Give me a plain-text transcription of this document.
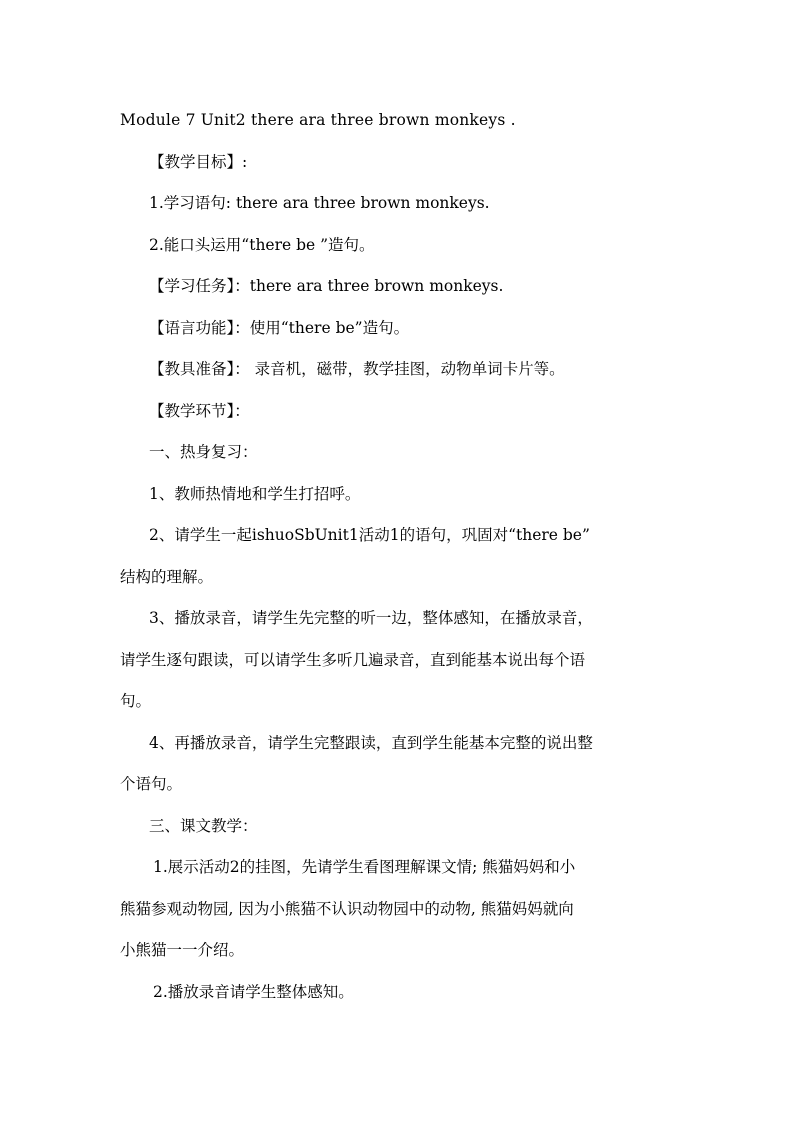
Module 7 Unit2 there ara three brown monkeys .
【教学目标】:
1.学习语句: there ara three brown monkeys.
2.能口头运用“there be ”造句。
【学习任务】：there ara three brown monkeys.
【语言功能】：使用“there be”造句。
【教具准备】： 录音机，磁带，教学挂图，动物单词卡片等。
【教学环节】：
一、热身复习：
1、教师热情地和学生打招呼。
2、请学生一起ishuoSbUnit1活动1的语句，巩固对“there be”
结构的理解。
3、播放录音，请学生先完整的听一边，整体感知，在播放录音，
请学生逐句跟读，可以请学生多听几遍录音，直到能基本说出每个语
句。
4、再播放录音，请学生完整跟读，直到学生能基本完整的说出整
个语句。
三、课文教学：
1.展示活动2的挂图，先请学生看图理解课文情; 熊猫妈妈和小
熊猫参观动物园, 因为小熊猫不认识动物园中的动物, 熊猫妈妈就向
小熊猫一一介绍。
2.播放录音请学生整体感知。
